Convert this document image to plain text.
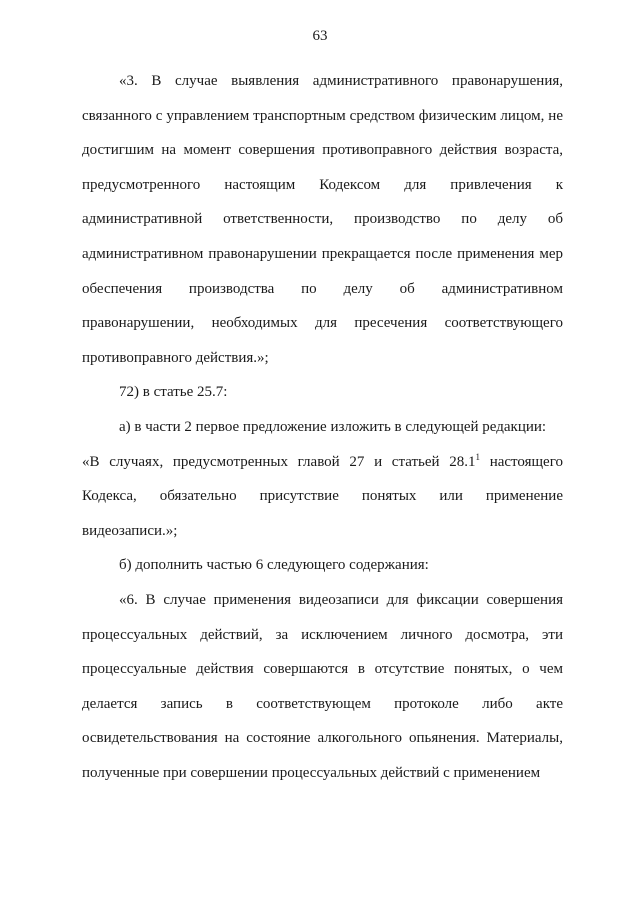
63

«3. В случае выявления административного правонарушения, связанного с управлением транспортным средством физическим лицом, не достигшим на момент совершения противоправного действия возраста, предусмотренного настоящим Кодексом для привлечения к административной ответственности, производство по делу об административном правонарушении прекращается после применения мер обеспечения производства по делу об административном правонарушении, необходимых для пресечения соответствующего противоправного действия.»;

72) в статье 25.7:

а) в части 2 первое предложение изложить в следующей редакции:

«В случаях, предусмотренных главой 27 и статьей 28.1$^1$ настоящего Кодекса, обязательно присутствие понятых или применение видеозаписи.»;

б) дополнить частью 6 следующего содержания:

«6. В случае применения видеозаписи для фиксации совершения процессуальных действий, за исключением личного досмотра, эти процессуальные действия совершаются в отсутствие понятых, о чем делается запись в соответствующем протоколе либо акте освидетельствования на состояние алкогольного опьянения. Материалы, полученные при совершении процессуальных действий с применением
